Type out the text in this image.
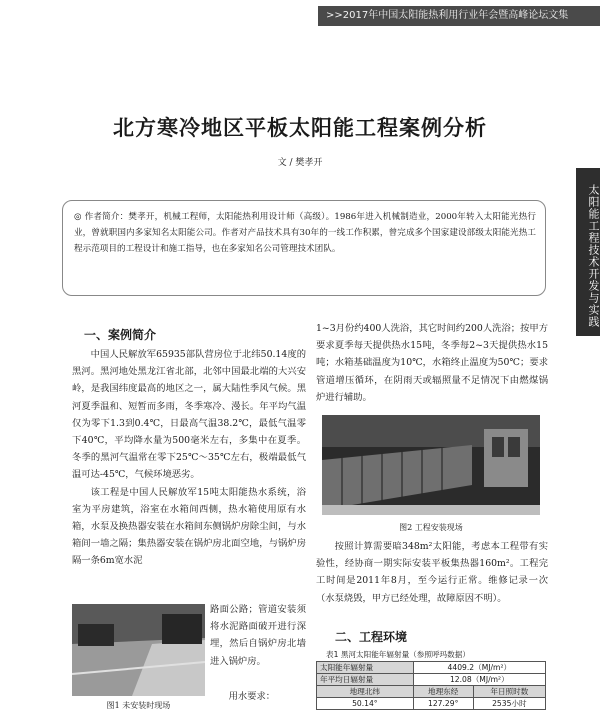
>>2017年中国太阳能热利用行业年会暨高峰论坛文集
太阳能工程技术开发与实践
北方寒冷地区平板太阳能工程案例分析
文 / 樊孝开
◎ 作者简介：樊孝开，机械工程师，太阳能热利用设计师（高级）。1986年进入机械制造业，2000年转入太阳能光热行业，曾就职国内多家知名太阳能公司。作者对产品技术具有30年的一线工作积累，曾完成多个国家建设部级太阳能光热工程示范项目的工程设计和施工指导，也在多家知名公司管理技术团队。
一、案例简介

中国人民解放军65935部队营房位于北纬50.14度的黑河。黑河地处黑龙江省北部，北邻中国最北端的大兴安岭，是我国纬度最高的地区之一，属大陆性季风气候。黑河夏季温和、短暂而多雨，冬季寒冷、漫长。年平均气温仅为零下1.3到0.4℃，日最高气温38.2℃，最低气温零下40℃，平均降水量为500毫米左右，多集中在夏季。冬季的黑河气温常在零下25℃～35℃左右，极端最低气温可达-45℃，气候环境恶劣。

该工程是中国人民解放军15吨太阳能热水系统，浴室为平房建筑，浴室在水箱间西侧，热水箱使用原有水箱，水泵及换热器安装在水箱间东侧锅炉房除尘间，与水箱间一墙之隔；集热器安装在锅炉房北面空地，与锅炉房隔一条6m宽水泥

路面公路；管道安装须将水泥路面破开进行深埋，然后自锅炉房北墙进入锅炉房。

用水要求：

图1 未安装时现场

1~3月份约400人洗浴，其它时间约200人洗浴；按甲方要求夏季每天提供热水15吨，冬季每2~3天提供热水15吨；水箱基础温度为10℃，水箱终止温度为50℃；要求管道增压循环，在阴雨天或辐照量不足情况下由燃煤锅炉进行辅助。

图2 工程安装现场

按照计算需要暗348m²太阳能，考虑本工程带有实验性，经协商一期实际安装平板集热器160m²。工程完工时间是2011年8月，至今运行正常。维修记录一次（水泵烧毁，甲方已经处理，故障原因不明）。

二、工程环境
表1 黑河太阳能年辐射量（参照呼玛数据）
太阳能年辐射量	4409.2（MJ/m²）	
年平均日辐射量	12.08（MJ/m²）	
地理北纬	地理东经	年日照时数
50.14°	127.29°	2535小时
